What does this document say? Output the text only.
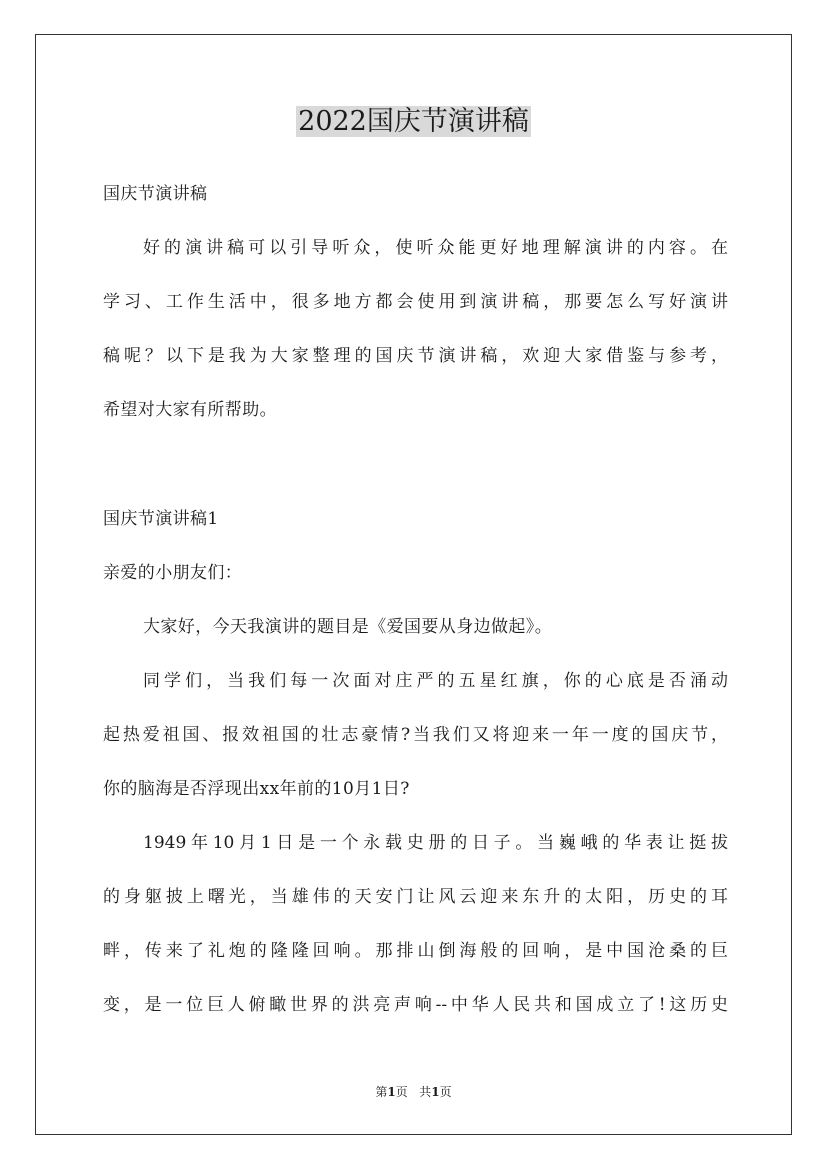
2022国庆节演讲稿
国庆节演讲稿
好的演讲稿可以引导听众，使听众能更好地理解演讲的内容。在
学习、工作生活中，很多地方都会使用到演讲稿，那要怎么写好演讲
稿呢？以下是我为大家整理的国庆节演讲稿，欢迎大家借鉴与参考，
希望对大家有所帮助。
国庆节演讲稿1
亲爱的小朋友们：
大家好，今天我演讲的题目是《爱国要从身边做起》。
同学们，当我们每一次面对庄严的五星红旗，你的心底是否涌动
起热爱祖国、报效祖国的壮志豪情?当我们又将迎来一年一度的国庆节，
你的脑海是否浮现出xx年前的10月1日?
1949年10月1日是一个永载史册的日子。当巍峨的华表让挺拔
的身躯披上曙光，当雄伟的天安门让风云迎来东升的太阳，历史的耳
畔，传来了礼炮的隆隆回响。那排山倒海般的回响，是中国沧桑的巨
变，是一位巨人俯瞰世界的洪亮声响--中华人民共和国成立了!这历史
第1页 共1页
